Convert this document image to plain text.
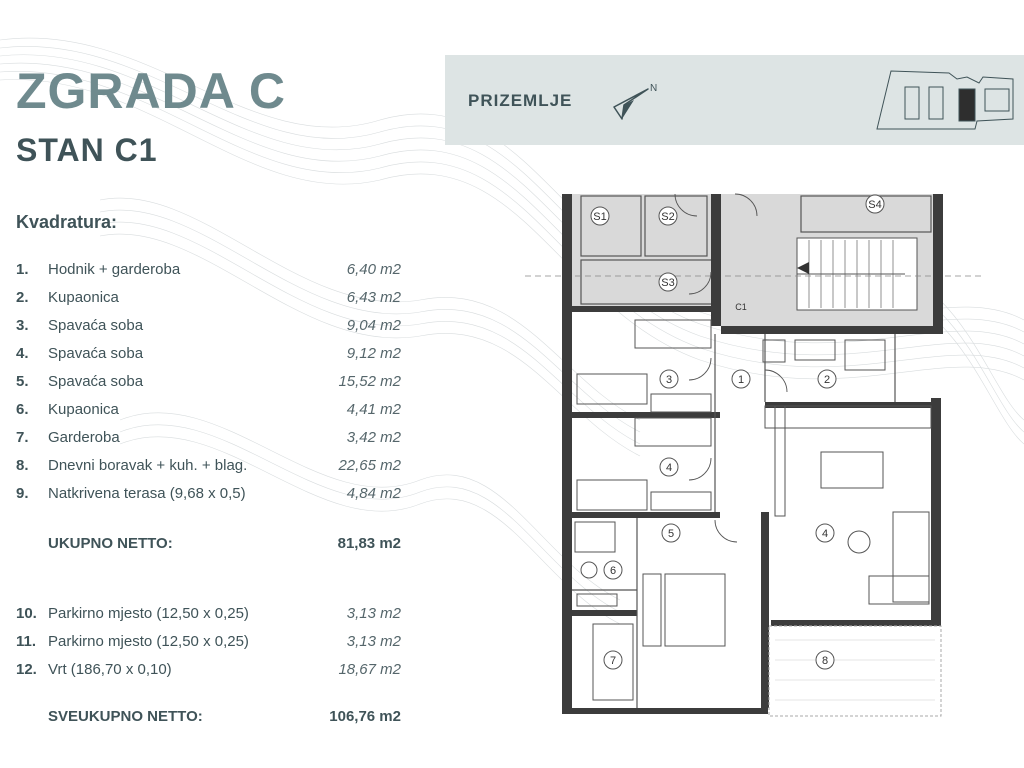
ZGRADA C
STAN C1
Kvadratura:
1. Hodnik + garderoba	6,40 m2
2. Kupaonica	6,43 m2
3. Spavaća soba	9,04 m2
4. Spavaća soba	9,12 m2
5. Spavaća soba	15,52 m2
6. Kupaonica	4,41 m2
7. Garderoba	3,42 m2
8. Dnevni boravak + kuh. + blag.	22,65 m2
9. Natkrivena terasa (9,68 x 0,5)	4,84 m2
UKUPNO NETTO:	81,83 m2
10. Parkirno mjesto (12,50 x 0,25)	3,13 m2
11. Parkirno mjesto (12,50 x 0,25)	3,13 m2
12. Vrt (186,70 x 0,10)	18,67 m2
SVEUKUPNO NETTO:	106,76 m2
PRIZEMLJE
N
S1	S2
S3
S4
C1
1	2
3
4
4
5
6
7	8
